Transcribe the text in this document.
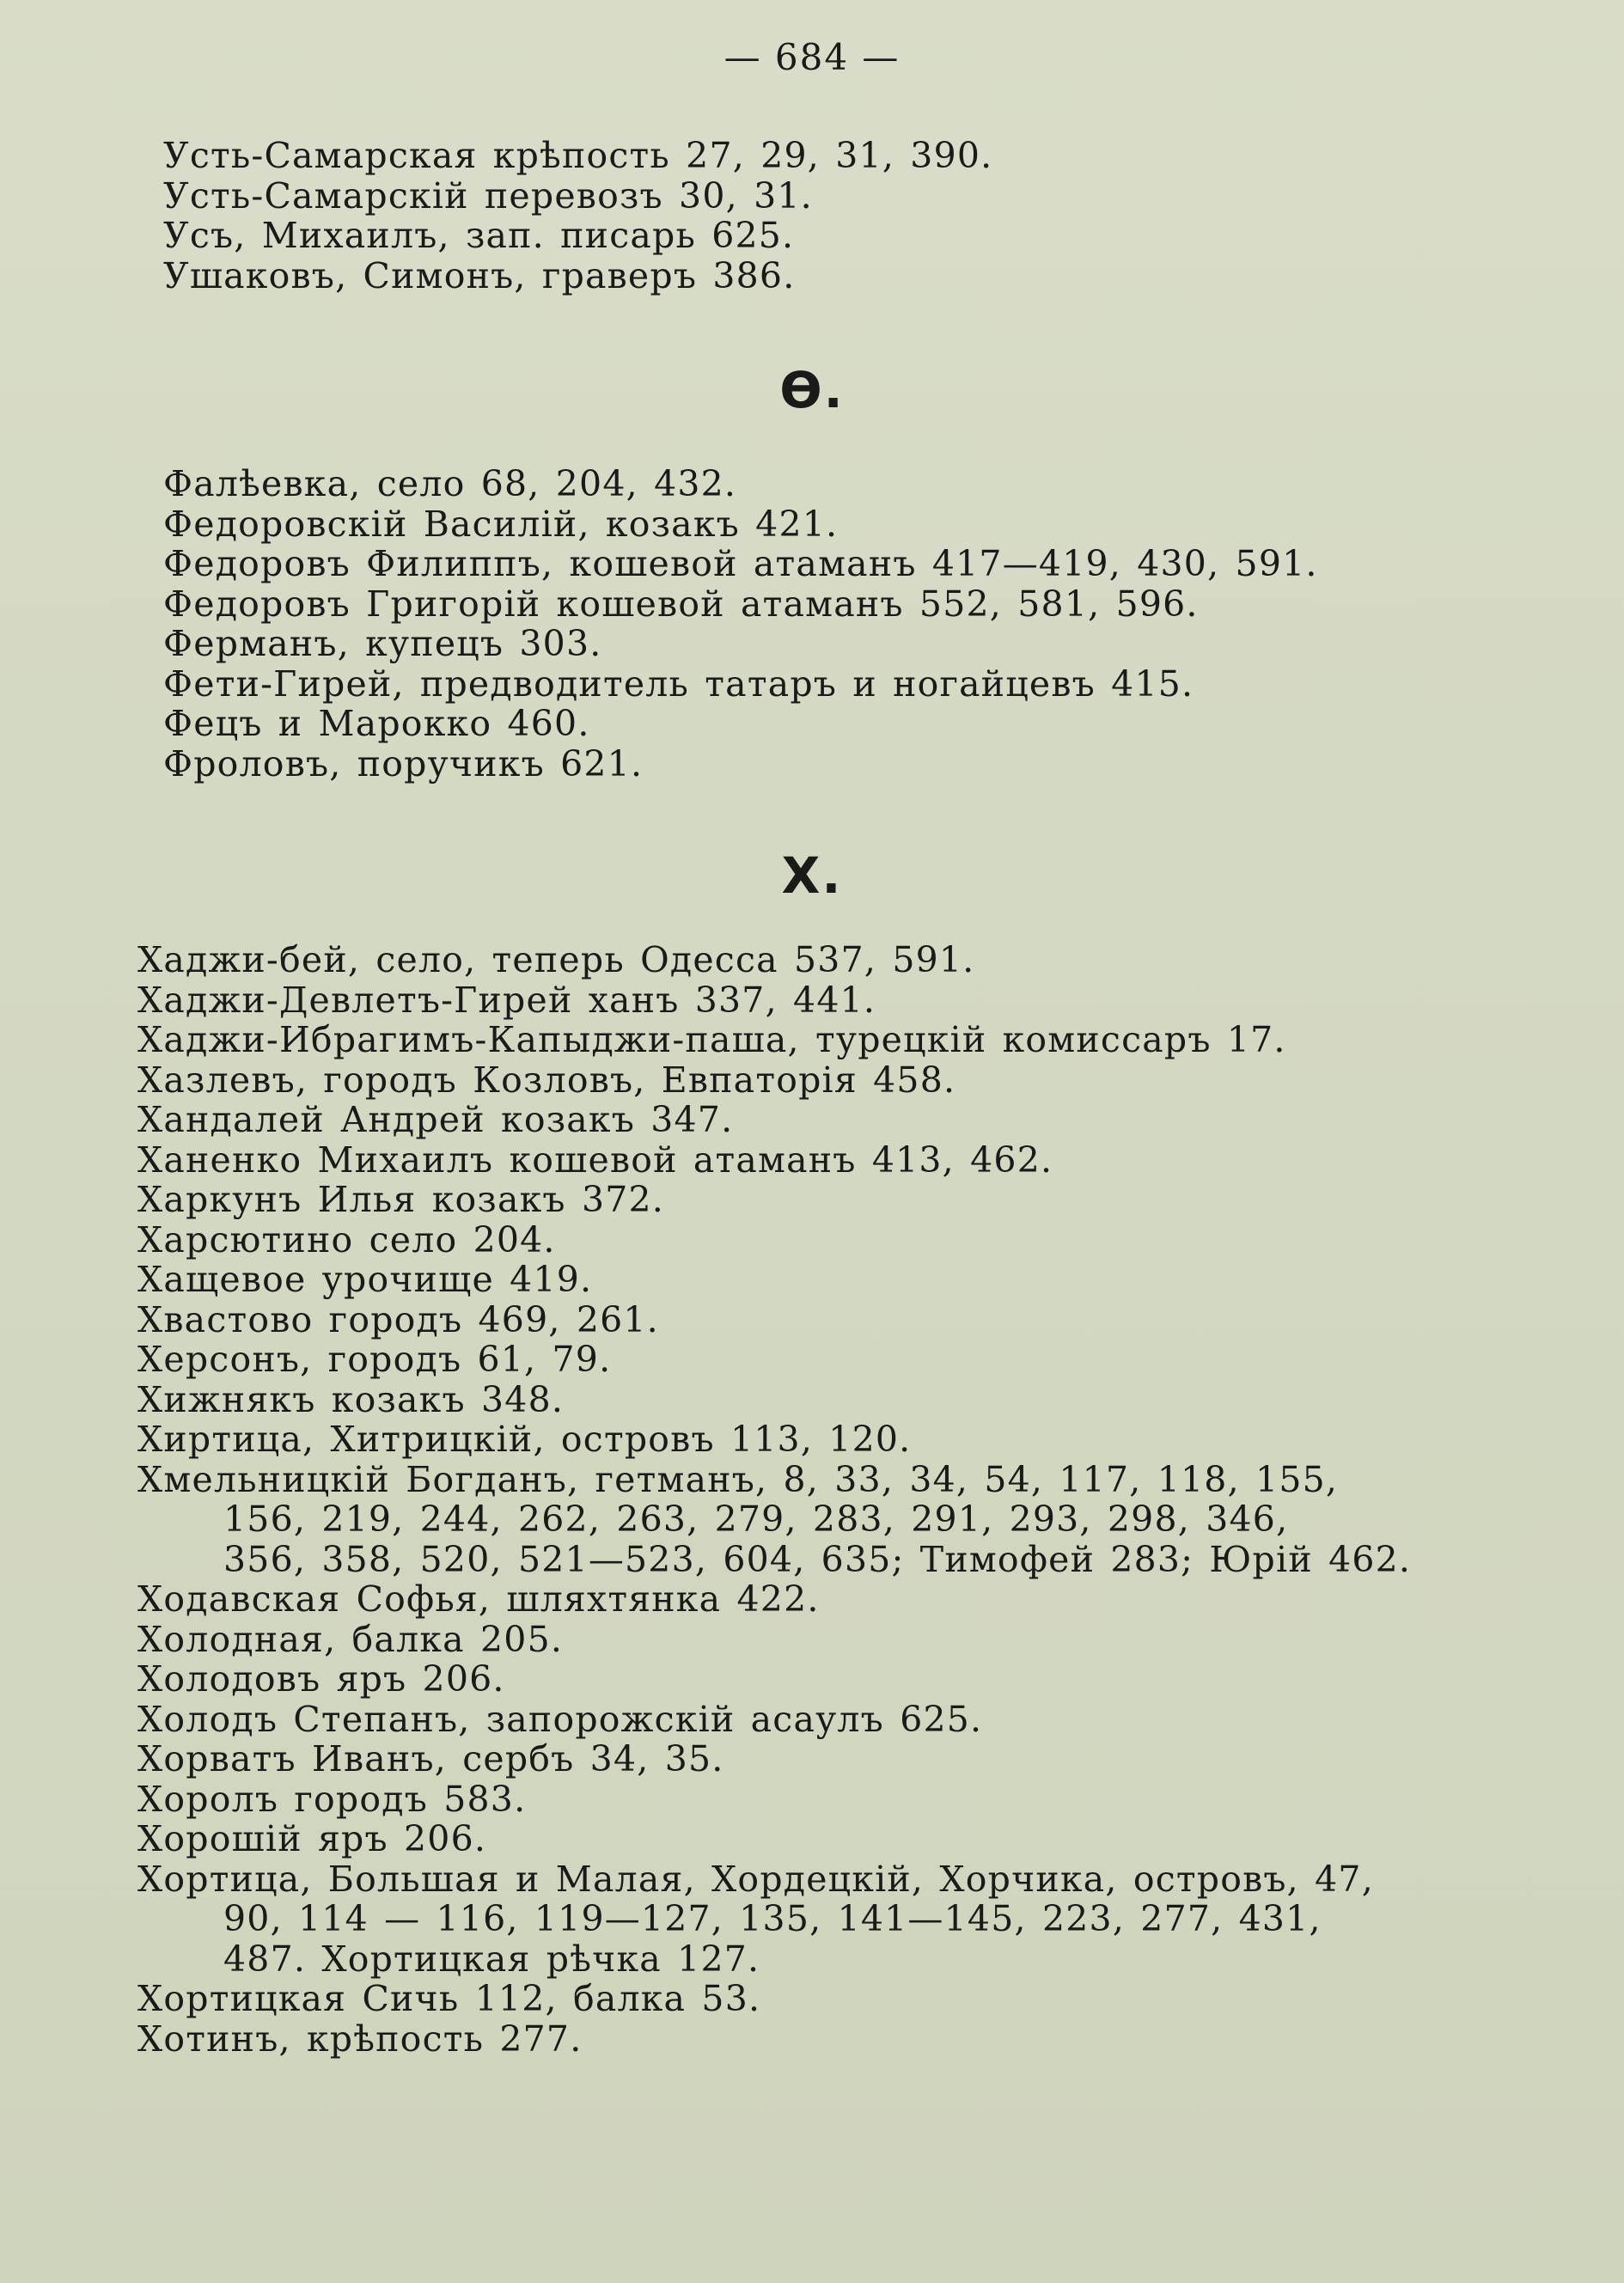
— 684 —
Усть-Самарская крѣпость 27, 29, 31, 390.
Усть-Самарскій перевозъ 30, 31.
Усъ, Михаилъ, зап. писарь 625.
Ушаковъ, Симонъ, граверъ 386.
Ѳ.
Фалѣевка, село 68, 204, 432.
Федоровскій Василій, козакъ 421.
Федоровъ Филиппъ, кошевой атаманъ 417—419, 430, 591.
Федоровъ Григорій кошевой атаманъ 552, 581, 596.
Ферманъ, купецъ 303.
Фети-Гирей, предводитель татаръ и ногайцевъ 415.
Фецъ и Марокко 460.
Фроловъ, поручикъ 621.
Х.
Хаджи-бей, село, теперь Одесса 537, 591.
Хаджи-Девлетъ-Гирей ханъ 337, 441.
Хаджи-Ибрагимъ-Капыджи-паша, турецкій комиссаръ 17.
Хазлевъ, городъ Козловъ, Евпаторія 458.
Хандалей Андрей козакъ 347.
Ханенко Михаилъ кошевой атаманъ 413, 462.
Харкунъ Илья козакъ 372.
Харсютино село 204.
Хащевое урочище 419.
Хвастово городъ 469, 261.
Херсонъ, городъ 61, 79.
Хижнякъ козакъ 348.
Хиртица, Хитрицкій, островъ 113, 120.
Хмельницкій Богданъ, гетманъ, 8, 33, 34, 54, 117, 118, 155,
156, 219, 244, 262, 263, 279, 283, 291, 293, 298, 346,
356, 358, 520, 521—523, 604, 635; Тимофей 283; Юрій 462.
Ходавская Софья, шляхтянка 422.
Холодная, балка 205.
Холодовъ яръ 206.
Холодъ Степанъ, запорожскій асаулъ 625.
Хорватъ Иванъ, сербъ 34, 35.
Хоролъ городъ 583.
Хорошій яръ 206.
Хортица, Большая и Малая, Хордецкій, Хорчика, островъ, 47,
90, 114 — 116, 119—127, 135, 141—145, 223, 277, 431,
487. Хортицкая рѣчка 127.
Хортицкая Сичь 112, балка 53.
Хотинъ, крѣпость 277.
